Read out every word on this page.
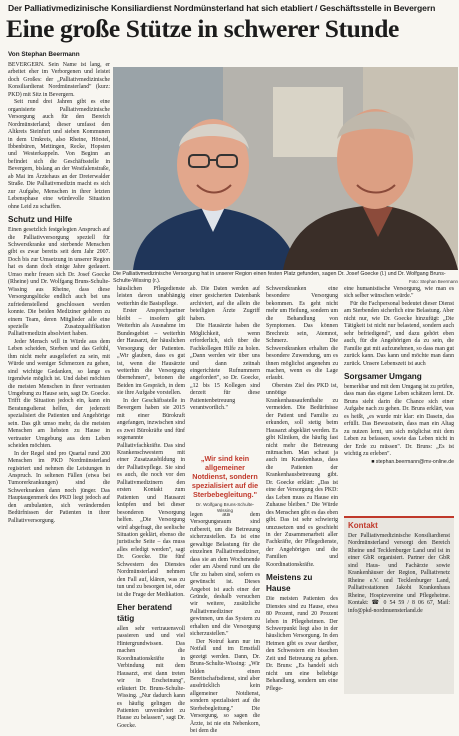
Der Palliativmedizinische Konsiliardienst Nordmünsterland hat sich etabliert / Geschäftsstelle in Bevergern
Eine große Stütze in schwerer Stunde
Von Stephan Beermann

BEVERGERN. Sein Name ist lang, er arbeitet eher im Verborgenen und leistet doch Großes: der „Palliativmedizinische Konsiliardienst Nordmünsterland" (kurz: PKD) mit Sitz in Bevergern.

Seit rund drei Jahren gibt es eine organisierte Palliativmedizinische Versorgung auch für den Bereich Nordmünsterland; dieser umfasst den Altkreis Steinfurt und sieben Kommunen in dem Umkreis, also Rheine, Hörstel, Ibbenbüren, Mettingen, Recke, Hopsten und Westerkappeln. Von Beginn an befindet sich die Geschäftsstelle in Bevergern, bislang an der Westfalenstraße, ab Mai im Ärztehaus an der Dreierwalder Straße. Die Palliativmedizin macht es sich zur Aufgabe, Menschen in ihrer letzten Lebensphase eine würdevolle Situation ohne Leid zu schaffen.

Schutz und Hilfe

Einen gesetzlich festgelegten Anspruch auf die Palliativversorgung speziell für Schwerstkranke und sterbende Menschen gibt es zwar bereits seit dem Jahr 2007. Doch bis zur Umsetzung in unserer Region hat es dann doch einige Jahre gedauert. Umso mehr freuen sich Dr. Josef Goecke (Rheine) und Dr. Wolfgang Bruns-Schulte-Wissing aus Rheine, dass diese Versorgungslücke endlich auch bei uns zufriedenstellend geschlossen werden konnte. Die beiden Mediziner gehören zu einem Team, deren Mitglieder alle eine spezielle Zusatzqualifikation Palliativmedizin absolviert haben.

Jeder Mensch will in Würde aus dem Leben scheiden, Sterben und das Gefühl, ihm nicht mehr ausgeliefert zu sein, mit Würde und weniger Schmerzen zu gehen, sind wichtige Gedanken, so lange es irgendwie möglich ist. Und dabei möchten die meisten Menschen in ihrer vertrauten Umgebung zu Hause sein, sagt Dr. Goecke. Trifft die Situation jedoch ein, kann ein Beratungsdienst helfen, der jederzeit spezialisiert die Patienten und Angehörige sein. Das gilt umso mehr, da die meisten Menschen am liebsten zu Hause in vertrauter Umgebung aus dem Leben scheiden möchten.

In der Regel sind pro Quartal rund 200 Menschen im PKD Nordmünsterland registriert und nehmen die Leistungen in Anspruch. In seltenen Fällen (etwa bei Tumorerkrankungen) sind die Schwerkranken dann noch jünger. Das Hauptaugenmerk des PKD liegt jedoch auf den ambulanten, sich verändernden Bedürfnissen der Patienten in ihrer Palliativversorgung.

Die Palliativmedizinische Versorgung hat in unserer Region einen festen Platz gefunden, sagen Dr. Josef Goecke (l.) und Dr. Wolfgang Bruns-Schulte-Wissing (r.).	Foto: Stephan Beermann

häuslichen Pflegedienste leisten davon unabhängig weiterhin die Basispflege.

Erster Ansprechpartner bleibt – insofern gilt Weiterhin als Ausnahme im Bundesgebiet – weiterhin der Hausarzt, der häuslichen Versorgung der Patienten. „Wir glauben, dass es gut ist, wenn die Hausärzte weiterhin die Versorgung übernehmen", betonen die Beiden im Gespräch, in dem sie ihre Aufgabe vorstellen.

In der Geschäftsstelle in Bevergern haben sie 2015 mit einer Bürokraft angefangen, inzwischen sind es zwei Bürokräfte und fünf sogenannte Palliativfachkräfte. Das sind Krankenschwestern mit einer Zusatzausbildung in der Palliativpflege. Sie sind es auch, die noch vor den Palliativmedizinern den ersten Kontakt zum Patienten und Hausarzt knüpfen und bei dieser besonderen Versorgung helfen. „Die Versorgung wird abgefragt, die seelische Situation geklärt, ebenso die juristische Seite – das muss alles erledigt werden", sagt Dr. Goecke. Die fünf Schwestern des Dienstes Nordmünsterland nehmen den Fall auf, klären, was zu tun und zu besorgen ist, oder ist die Frage der Medikation.

Eher beratend tätig

allen sehr vertrauensvoll passieren und und viel Hintergrundwissen. Das machen die Koordinationskräfte in Verbindung mit dem Hausarzt, erst dann treten wir in Erscheinung", erläutert Dr. Bruns-Schulte-Wissing. „Nur dadurch kann es häufig gelingen die Patienten unverändert zu Hause zu belassen", sagt Dr. Goecke.

ab. Die Daten werden auf einer gesicherten Datenbank archiviert, auf die allein die beteiligten Ärzte Zugriff haben.

Die Hausärzte haben die Möglichkeit, wenn erforderlich, sich über die Fachkollegen Hilfe zu holen. „Dann werden wir über uns und dann zeitnah eingerichtete Rufnummern angefordert", so Dr. Goecke, „12 bis 15 Kollegen sind derzeit für diese Patientenbetreuung verantwortlich."

„Wir sind kein allgemeiner Notdienst, sondern spezialisiert auf die Sterbebegleitung."
Dr. Wolfgang Bruns-Schulte-Wissing

legen aus dem Versorgungsraum sind rufbereit, um die Betreuung sicherzustellen. Es ist eine gewaltige Belastung für die einzelnen Palliativmediziner, dass sie an dem Wochenende oder am Abend rund um die Uhr zu haben sind, sofern es gewünscht ist. Dieses Angebot ist auch einer der Gründe, deshalb versuchen wir weitere, zusätzliche Palliativmediziner zu gewinnen, um das System zu erhalten und die Versorgung sicherzustellen."

Der Notruf kann nur im Notfall und im Ernstfall gezeigt werden. Dann, Dr. Bruns-Schulte-Wissing: „Wir bilden einen Bereitschaftsdienst, sind aber ausdrücklich kein allgemeiner Notdienst, sondern spezialisiert auf die Sterbebegleitung." Die Versorgung, so sagen die Ärzte, ist nie ein Nebenkorn, bei dem die

Schwerstkranken eine besondere Versorgung bekommen. Es geht nicht mehr um Heilung, sondern um die Behandlung von Symptomen. Das können Brechreiz sein, Atemnot, Schmerz. Die Schwerstkranken erhalten die besondere Zuwendung, um es ihnen möglichst angenehm zu machen, wenn es die Lage erlaubt.

Oberstes Ziel des PKD ist, unnötige Krankenhausaufenthalte zu vermeiden. Die Bedürfnisse der Patient und Familie zu erkunden, soll stetig beim Hausarzt abgeklärt werden. Es gibt Kliniken, die häufig fast nicht mehr die Betreuung mitmachen. Man schaut ja auch im Krankenhaus, dass die Patienten der Krankenhausbetreuung gibt. Dr. Goecke erklärt: „Das ist eine der Versorgung des PKD: das Leben muss zu Hause ein Zuhause bleiben." Die Würde des Menschen gibt es das eben gibt. Das ist sehr schwierig umzusetzen und es geschieht in der Zusammenarbeit aller Fachkräfte, der Pflegedienste, der Angehörigen und die Familien und Koordinationskräfte.

Meistens zu Hause

Die meisten Patienten des Dienstes sind zu Hause, etwa 80 Prozent, rund 20 Prozent leben in Pflegeheimen. Der Schwerpunkt liegt also in der häuslichen Versorgung. In den Heimen gibt es zwar darüber, den Schwestern ein bisschen Zeit und Betreuung zu geben. Dr. Bruns: „Es handelt sich nicht um eine beliebige Behandlung, sondern um eine Pflege-

eine humanistische Versorgung, wie man es sich selber wünschen würde."

Für die Fachpersonal bedeutet dieser Dienst am Sterbenden sicherlich eine Belastung. Aber nicht nur, wie Dr. Goecke hinzufügt: „Die Tätigkeit ist nicht nur belastend, sondern auch sehr befriedigend", und dazu gehört eben auch, für die Angehörigen da zu sein, die Familie gut mit aufzunehmen, so dass man gut zurück kann. Das kann und möchte man dann zurück. Unsere Lebenszeit ist auch

Sorgsamer Umgang

bemerkbar und mit dem Umgang ist zu prüfen, dass man das eigene Leben schätzen lernt. Dr. Bruns sieht darin die Chance sich einer Aufgabe nach zu gehen. Dr. Bruns erklärt, was es heißt, „es wurde mir klar: ein Dasein, das erfüllt. Das Bewusstsein, dass man ein Altag zu nutzen lernt, um sich möglichst mit dem Leben zu befassen, sowie das Leben nicht in der Erde zu müssen". Dr. Bruns: „Es ist wichtig zu erleben".

■ stephan.beermann@mv-online.de
Kontakt
Der Palliativmedizinische Konsiliardienst Nordmünsterland versorgt den Bereich Rheine und Tecklenburger Land und ist in einer GbR organisiert. Partner der GbR sind Haus- und Fachärzte sowie Krankenhäuser der Region, Palliativnetz Rheine e.V. und Tecklenburger Land, Palliativstationen Jakobi Krankenhaus Rheine, Hospizvereine und Pflegeheime. Kontakt: ☎ 0 54 59 / 8 06 67, Mail: info@pkd-nordmuensterland.de
